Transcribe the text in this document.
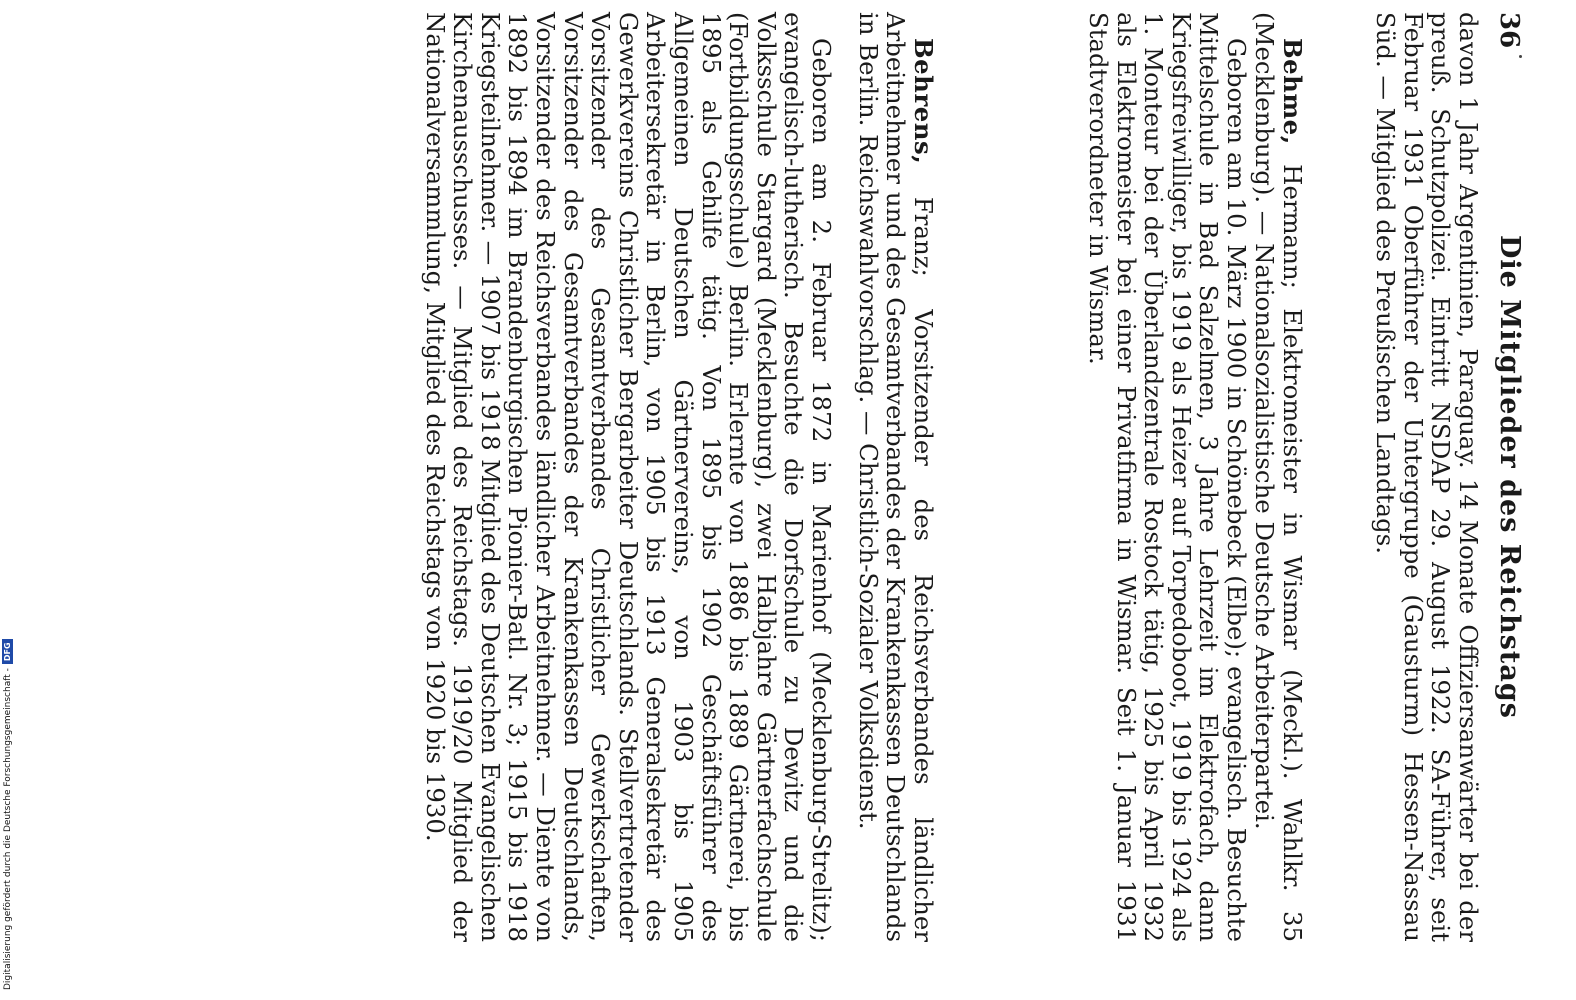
36
Die Mitglieder des Reichstags

davon 1 Jahr Argentinien, Paraguay. 14 Monate Offiziersanwärter bei der preuß. Schutzpolizei. Eintritt NSDAP 29. August 1922. SA-Führer, seit Februar 1931 Oberführer der Untergruppe (Gausturm) Hessen-Nassau Süd. — Mitglied des Preußischen Landtags.

Behme, Hermann; Elektromeister in Wismar (Meckl.). Wahlkr. 35 (Mecklenburg). — Nationalsozialistische Deutsche Arbeiterpartei.

Geboren am 10. März 1900 in Schönebeck (Elbe); evangelisch. Besuchte Mittelschule in Bad Salzelmen, 3 Jahre Lehrzeit im Elektrofach, dann Kriegsfreiwilliger, bis 1919 als Heizer auf Torpedoboot, 1919 bis 1924 als 1. Monteur bei der Überlandzentrale Rostock tätig, 1925 bis April 1932 als Elektromeister bei einer Privatfirma in Wismar. Seit 1. Januar 1931 Stadtverordneter in Wismar.

Behrens, Franz; Vorsitzender des Reichsverbandes ländlicher Arbeitnehmer und des Gesamtverbandes der Krankenkassen Deutschlands in Berlin. Reichswahlvorschlag. — Christlich-Sozialer Volksdienst.

Geboren am 2. Februar 1872 in Marienhof (Mecklenburg-Strelitz); evangelisch-lutherisch. Besuchte die Dorfschule zu Dewitz und die Volksschule Stargard (Mecklenburg), zwei Halbjahre Gärtnerfachschule (Fortbildungsschule) Berlin. Erlernte von 1886 bis 1889 Gärtnerei, bis 1895 als Gehilfe tätig. Von 1895 bis 1902 Geschäftsführer des Allgemeinen Deutschen Gärtnervereins, von 1903 bis 1905 Arbeitersekretär in Berlin, von 1905 bis 1913 Generalsekretär des Gewerkvereins Christlicher Bergarbeiter Deutschlands. Stellvertretender Vorsitzender des Gesamtverbandes Christlicher Gewerkschaften, Vorsitzender des Gesamtverbandes der Krankenkassen Deutschlands, Vorsitzender des Reichsverbandes ländlicher Arbeitnehmer. — Diente von 1892 bis 1894 im Brandenburgischen Pionier-Batl. Nr. 3; 1915 bis 1918 Kriegsteilnehmer. — 1907 bis 1918 Mitglied des Deutschen Evangelischen Kirchenausschusses. — Mitglied des Reichstags. 1919/20 Mitglied der Nationalversammlung, Mitglied des Reichstags von 1920 bis 1930.

Digitalisierung gefördert durch die Deutsche Forschungsgemeinschaft -DFG
